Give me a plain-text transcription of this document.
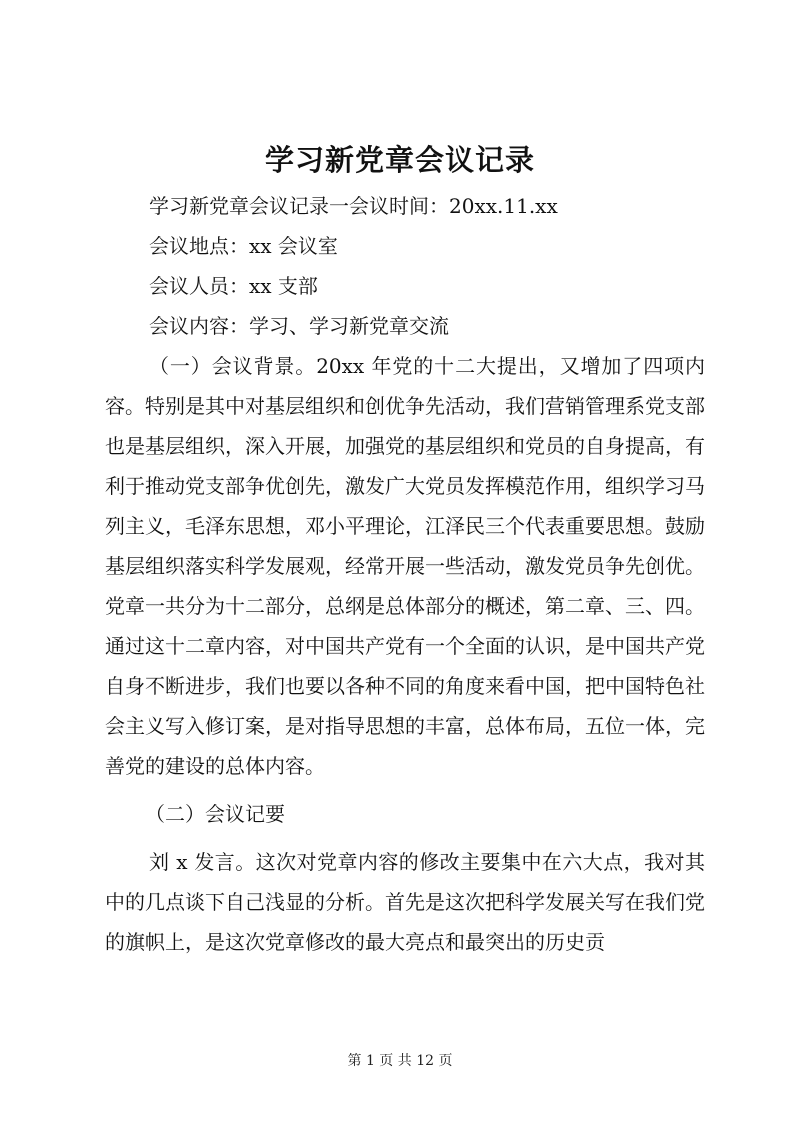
学习新党章会议记录

学习新党章会议记录一会议时间：20xx.11.xx

会议地点：xx 会议室

会议人员：xx 支部

会议内容：学习、学习新党章交流

（一）会议背景。20xx 年党的十二大提出，又增加了四项内容。特别是其中对基层组织和创优争先活动，我们营销管理系党支部也是基层组织，深入开展，加强党的基层组织和党员的自身提高，有利于推动党支部争优创先，激发广大党员发挥模范作用，组织学习马列主义，毛泽东思想，邓小平理论，江泽民三个代表重要思想。鼓励基层组织落实科学发展观，经常开展一些活动，激发党员争先创优。党章一共分为十二部分，总纲是总体部分的概述，第二章、三、四。通过这十二章内容，对中国共产党有一个全面的认识，是中国共产党自身不断进步，我们也要以各种不同的角度来看中国，把中国特色社会主义写入修订案，是对指导思想的丰富，总体布局，五位一体，完善党的建设的总体内容。

（二）会议记要

刘 x 发言。这次对党章内容的修改主要集中在六大点，我对其中的几点谈下自己浅显的分析。首先是这次把科学发展关写在我们党的旗帜上，是这次党章修改的最大亮点和最突出的历史贡

第 1 页 共 12 页
